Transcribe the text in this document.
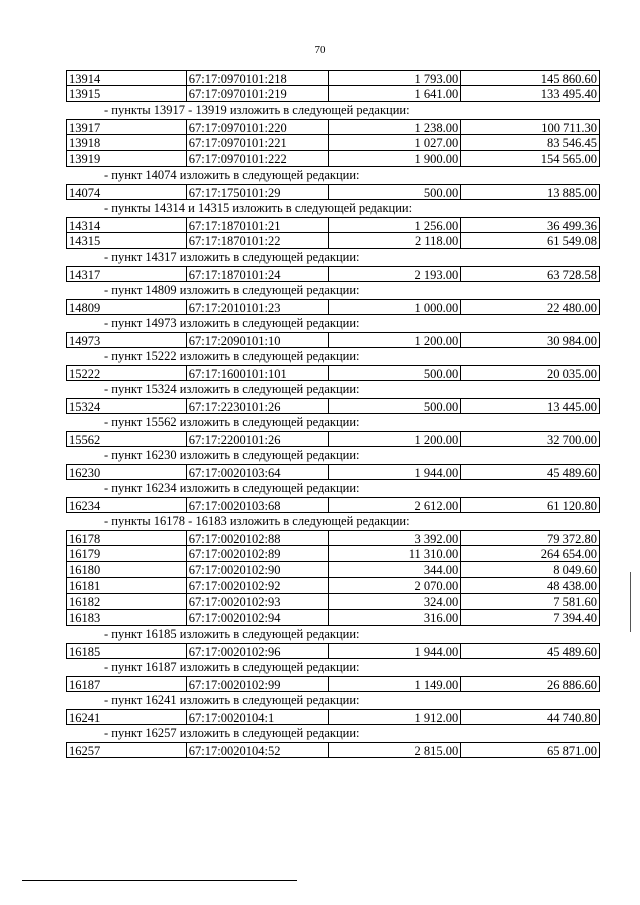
70
13914	67:17:0970101:218	1 793.00	145 860.60
13915	67:17:0970101:219	1 641.00	133 495.40
- пункты 13917 - 13919 изложить в следующей редакции:
13917	67:17:0970101:220	1 238.00	100 711.30
13918	67:17:0970101:221	1 027.00	83 546.45
13919	67:17:0970101:222	1 900.00	154 565.00
- пункт 14074 изложить в следующей редакции:
14074	67:17:1750101:29	500.00	13 885.00
- пункты 14314 и 14315 изложить в следующей редакции:
14314	67:17:1870101:21	1 256.00	36 499.36
14315	67:17:1870101:22	2 118.00	61 549.08
- пункт 14317 изложить в следующей редакции:
14317	67:17:1870101:24	2 193.00	63 728.58
- пункт 14809 изложить в следующей редакции:
14809	67:17:2010101:23	1 000.00	22 480.00
- пункт 14973 изложить в следующей редакции:
14973	67:17:2090101:10	1 200.00	30 984.00
- пункт 15222 изложить в следующей редакции:
15222	67:17:1600101:101	500.00	20 035.00
- пункт 15324 изложить в следующей редакции:
15324	67:17:2230101:26	500.00	13 445.00
- пункт 15562 изложить в следующей редакции:
15562	67:17:2200101:26	1 200.00	32 700.00
- пункт 16230 изложить в следующей редакции:
16230	67:17:0020103:64	1 944.00	45 489.60
- пункт 16234 изложить в следующей редакции:
16234	67:17:0020103:68	2 612.00	61 120.80
- пункты 16178 - 16183 изложить в следующей редакции:
16178	67:17:0020102:88	3 392.00	79 372.80
16179	67:17:0020102:89	11 310.00	264 654.00
16180	67:17:0020102:90	344.00	8 049.60
16181	67:17:0020102:92	2 070.00	48 438.00
16182	67:17:0020102:93	324.00	7 581.60
16183	67:17:0020102:94	316.00	7 394.40
- пункт 16185 изложить в следующей редакции:
16185	67:17:0020102:96	1 944.00	45 489.60
- пункт 16187 изложить в следующей редакции:
16187	67:17:0020102:99	1 149.00	26 886.60
- пункт 16241 изложить в следующей редакции:
16241	67:17:0020104:1	1 912.00	44 740.80
- пункт 16257 изложить в следующей редакции:
16257	67:17:0020104:52	2 815.00	65 871.00
